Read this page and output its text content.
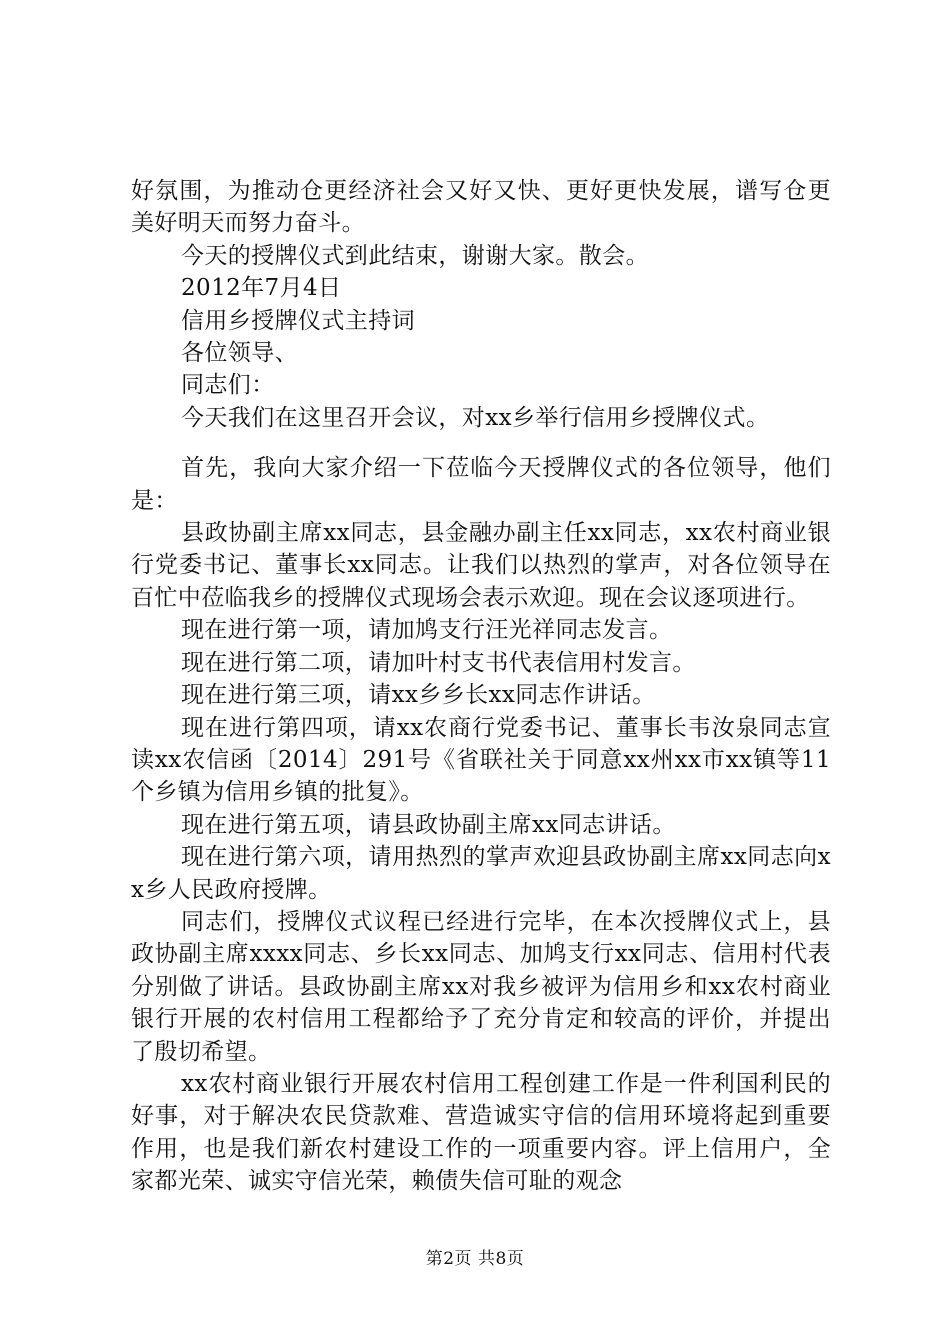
好氛围，为推动仓更经济社会又好又快、更好更快发展，谱写仓更美好明天而努力奋斗。

今天的授牌仪式到此结束，谢谢大家。散会。

2012年7月4日

信用乡授牌仪式主持词

各位领导、

同志们：

今天我们在这里召开会议，对xx乡举行信用乡授牌仪式。

首先，我向大家介绍一下莅临今天授牌仪式的各位领导，他们是：

县政协副主席xx同志，县金融办副主任xx同志，xx农村商业银行党委书记、董事长xx同志。让我们以热烈的掌声，对各位领导在百忙中莅临我乡的授牌仪式现场会表示欢迎。现在会议逐项进行。

现在进行第一项，请加鸠支行汪光祥同志发言。

现在进行第二项，请加叶村支书代表信用村发言。

现在进行第三项，请xx乡乡长xx同志作讲话。

现在进行第四项，请xx农商行党委书记、董事长韦汝泉同志宣读xx农信函〔2014〕291号《省联社关于同意xx州xx市xx镇等11个乡镇为信用乡镇的批复》。

现在进行第五项，请县政协副主席xx同志讲话。

现在进行第六项，请用热烈的掌声欢迎县政协副主席xx同志向xx乡人民政府授牌。

同志们，授牌仪式议程已经进行完毕，在本次授牌仪式上，县政协副主席xxxx同志、乡长xx同志、加鸠支行xx同志、信用村代表分别做了讲话。县政协副主席xx对我乡被评为信用乡和xx农村商业银行开展的农村信用工程都给予了充分肯定和较高的评价，并提出了殷切希望。

xx农村商业银行开展农村信用工程创建工作是一件利国利民的好事，对于解决农民贷款难、营造诚实守信的信用环境将起到重要作用，也是我们新农村建设工作的一项重要内容。评上信用户，全家都光荣、诚实守信光荣，赖债失信可耻的观念

第2页 共8页
